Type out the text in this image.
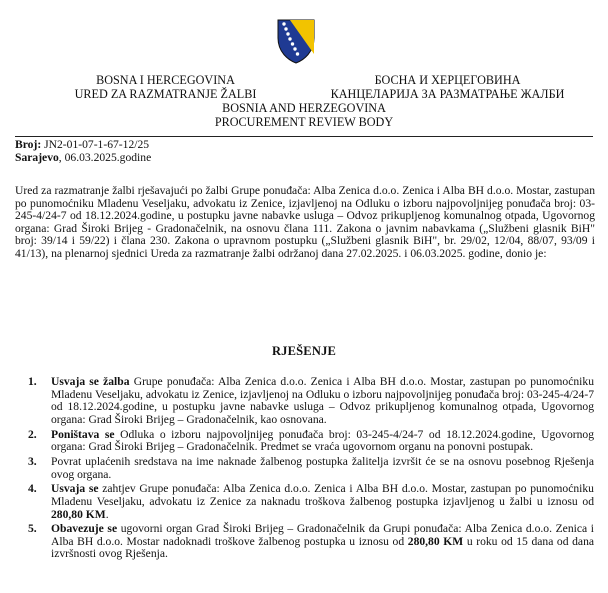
BOSNA I HERCEGOVINA
URED ZA RAZMATRANJE ŽALBI
БОСНА И ХЕРЦЕГОВИНА
КАНЦЕЛАРИЈА ЗА РАЗМАТРАЊЕ ЖАЛБИ
BOSNIA AND HERZEGOVINA
PROCUREMENT REVIEW BODY
Broj: JN2-01-07-1-67-12/25
Sarajevo, 06.03.2025.godine

Ured za razmatranje žalbi rješavajući po žalbi Grupe ponuđača: Alba Zenica d.o.o. Zenica i Alba BH d.o.o. Mostar, zastupan po punomoćniku Mladenu Veseljaku, advokatu iz Zenice, izjavljenoj na Odluku o izboru najpovoljnijeg ponuđača broj: 03-245-4/24-7 od 18.12.2024.godine, u postupku javne nabavke usluga – Odvoz prikupljenog komunalnog otpada, Ugovornog organa: Grad Široki Brijeg - Gradonačelnik, na osnovu člana 111. Zakona o javnim nabavkama („Službeni glasnik BiH" broj: 39/14 i 59/22) i člana 230. Zakona o upravnom postupku („Službeni glasnik BiH", br. 29/02, 12/04, 88/07, 93/09 i 41/13), na plenarnoj sjednici Ureda za razmatranje žalbi održanoj dana 27.02.2025. i 06.03.2025. godine, donio je:

RJEŠENJE
1. Usvaja se žalba Grupe ponuđača: Alba Zenica d.o.o. Zenica i Alba BH d.o.o. Mostar, zastupan po punomoćniku Mladenu Veseljaku, advokatu iz Zenice, izjavljenoj na Odluku o izboru najpovoljnijeg ponuđača broj: 03-245-4/24-7 od 18.12.2024.godine, u postupku javne nabavke usluga – Odvoz prikupljenog komunalnog otpada, Ugovornog organa: Grad Široki Brijeg – Gradonačelnik, kao osnovana.
2. Poništava se Odluka o izboru najpovoljnijeg ponuđača broj: 03-245-4/24-7 od 18.12.2024.godine, Ugovornog organa: Grad Široki Brijeg – Gradonačelnik. Predmet se vraća ugovornom organu na ponovni postupak.
3. Povrat uplaćenih sredstava na ime naknade žalbenog postupka žalitelja izvršit će se na osnovu posebnog Rješenja ovog organa.
4. Usvaja se zahtjev Grupe ponuđača: Alba Zenica d.o.o. Zenica i Alba BH d.o.o. Mostar, zastupan po punomoćniku Mladenu Veseljaku, advokatu iz Zenice za naknadu troškova žalbenog postupka izjavljenog u žalbi u iznosu od 280,80 KM.
5. Obavezuje se ugovorni organ Grad Široki Brijeg – Gradonačelnik da Grupi ponuđača: Alba Zenica d.o.o. Zenica i Alba BH d.o.o. Mostar nadoknadi troškove žalbenog postupka u iznosu od 280,80 KM u roku od 15 dana od dana izvršnosti ovog Rješenja.
